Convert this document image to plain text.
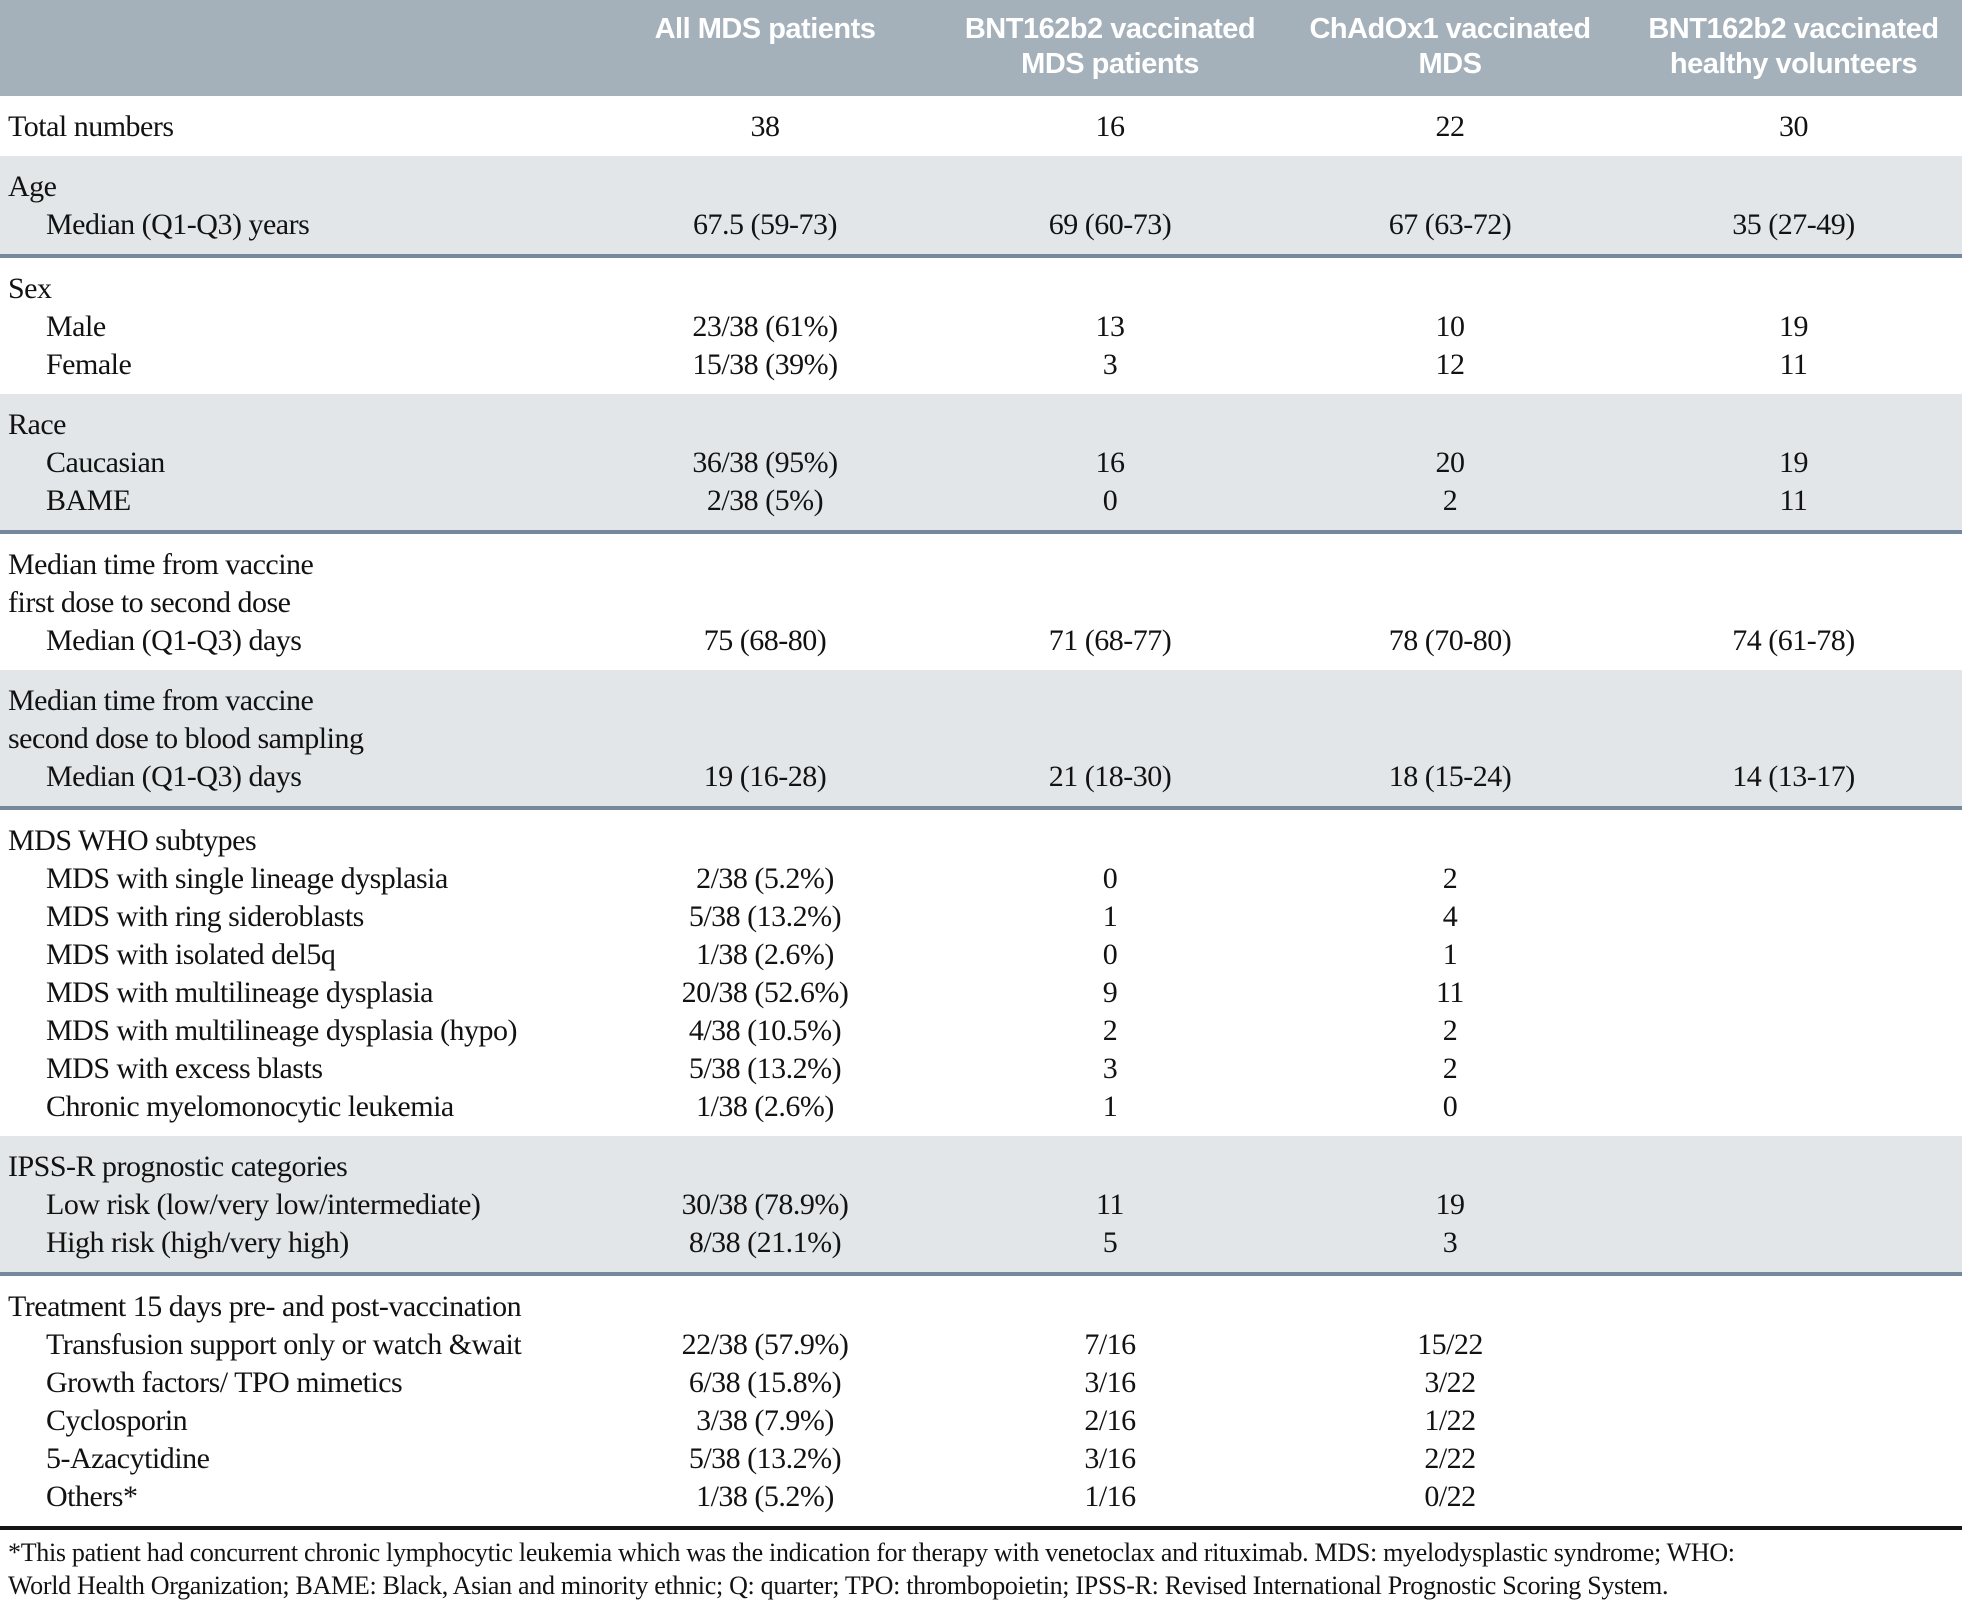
	All MDS patients	BNT162b2 vaccinated MDS patients	ChAdOx1 vaccinated MDS	BNT162b2 vaccinated healthy volunteers
Total numbers	38	16	22	30
Age				
Median (Q1-Q3) years	67.5 (59-73)	69 (60-73)	67 (63-72)	35 (27-49)
Sex				
Male	23/38 (61%)	13	10	19
Female	15/38 (39%)	3	12	11
Race				
Caucasian	36/38 (95%)	16	20	19
BAME	2/38 (5%)	0	2	11
Median time from vaccine				
first dose to second dose				
Median (Q1-Q3) days	75 (68-80)	71 (68-77)	78 (70-80)	74 (61-78)
Median time from vaccine				
second dose to blood sampling				
Median (Q1-Q3) days	19 (16-28)	21 (18-30)	18 (15-24)	14 (13-17)
MDS WHO subtypes				
MDS with single lineage dysplasia	2/38 (5.2%)	0	2	
MDS with ring sideroblasts	5/38 (13.2%)	1	4	
MDS with isolated del5q	1/38 (2.6%)	0	1	
MDS with multilineage dysplasia	20/38 (52.6%)	9	11	
MDS with multilineage dysplasia (hypo)	4/38 (10.5%)	2	2	
MDS with excess blasts	5/38 (13.2%)	3	2	
Chronic myelomonocytic leukemia	1/38 (2.6%)	1	0	
IPSS-R prognostic categories				
Low risk (low/very low/intermediate)	30/38 (78.9%)	11	19	
High risk (high/very high)	8/38 (21.1%)	5	3	
Treatment 15 days pre- and post-vaccination				
Transfusion support only or watch &wait	22/38 (57.9%)	7/16	15/22	
Growth factors/ TPO mimetics	6/38 (15.8%)	3/16	3/22	
Cyclosporin	3/38 (7.9%)	2/16	1/22	
5-Azacytidine	5/38 (13.2%)	3/16	2/22	
Others*	1/38 (5.2%)	1/16	0/22	
*This patient had concurrent chronic lymphocytic leukemia which was the indication for therapy with venetoclax and rituximab. MDS: myelodysplastic syndrome; WHO:
World Health Organization; BAME: Black, Asian and minority ethnic; Q: quarter; TPO: thrombopoietin; IPSS-R: Revised International Prognostic Scoring System.
